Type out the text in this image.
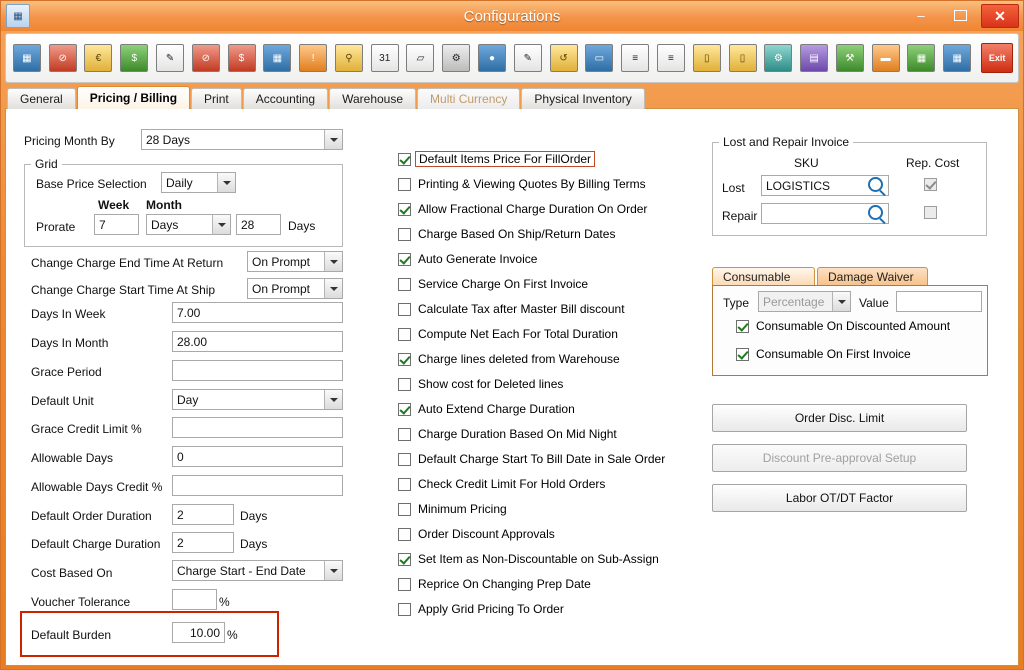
▦	Configurations	–	✕
▦	⊘	€	$	✎	⊘	$	▦	!	⚲	31	▱	⚙	●	✎	↺	▭	≡	≡	▯	▯	⚙	▤	⚒	▬	▦	▦	Exit
General	Pricing / Billing	Print	Accounting	Warehouse	Multi Currency	Physical Inventory
Pricing Month By	28 Days
Grid
Base Price Selection	Daily
Week Month
Prorate	7	Days	28	Days
Change Charge End Time At Return	On Prompt
Change Charge Start Time At Ship	On Prompt
Days In Week	7.00
Days In Month	28.00
Grace Period
Default Unit	Day
Grace Credit Limit %
Allowable Days	0
Allowable Days Credit %
Default Order Duration	2	Days
Default Charge Duration	2	Days
Cost Based On	Charge Start - End Date
Voucher Tolerance	%
Default Burden	10.00 %
Default Items Price For FillOrder
Printing & Viewing Quotes By Billing Terms
Allow Fractional Charge Duration On Order
Charge Based On Ship/Return Dates
Auto Generate Invoice
Service Charge On First Invoice
Calculate Tax after Master Bill discount
Compute Net Each For Total Duration
Charge lines deleted from Warehouse
Show cost for Deleted lines
Auto Extend Charge Duration
Charge Duration Based On Mid Night
Default Charge Start To Bill Date in Sale Order
Check Credit Limit For Hold Orders
Minimum Pricing
Order Discount Approvals
Set Item as Non-Discountable on Sub-Assign
Reprice On Changing Prep Date
Apply Grid Pricing To Order
Lost and Repair Invoice
SKU	Rep. Cost
Lost	LOGISTICS
Repair
Consumable	Damage Waiver
Type	Percentage	Value
Consumable On Discounted Amount
Consumable On First Invoice
Order Disc. Limit
Discount Pre-approval Setup
Labor OT/DT Factor
